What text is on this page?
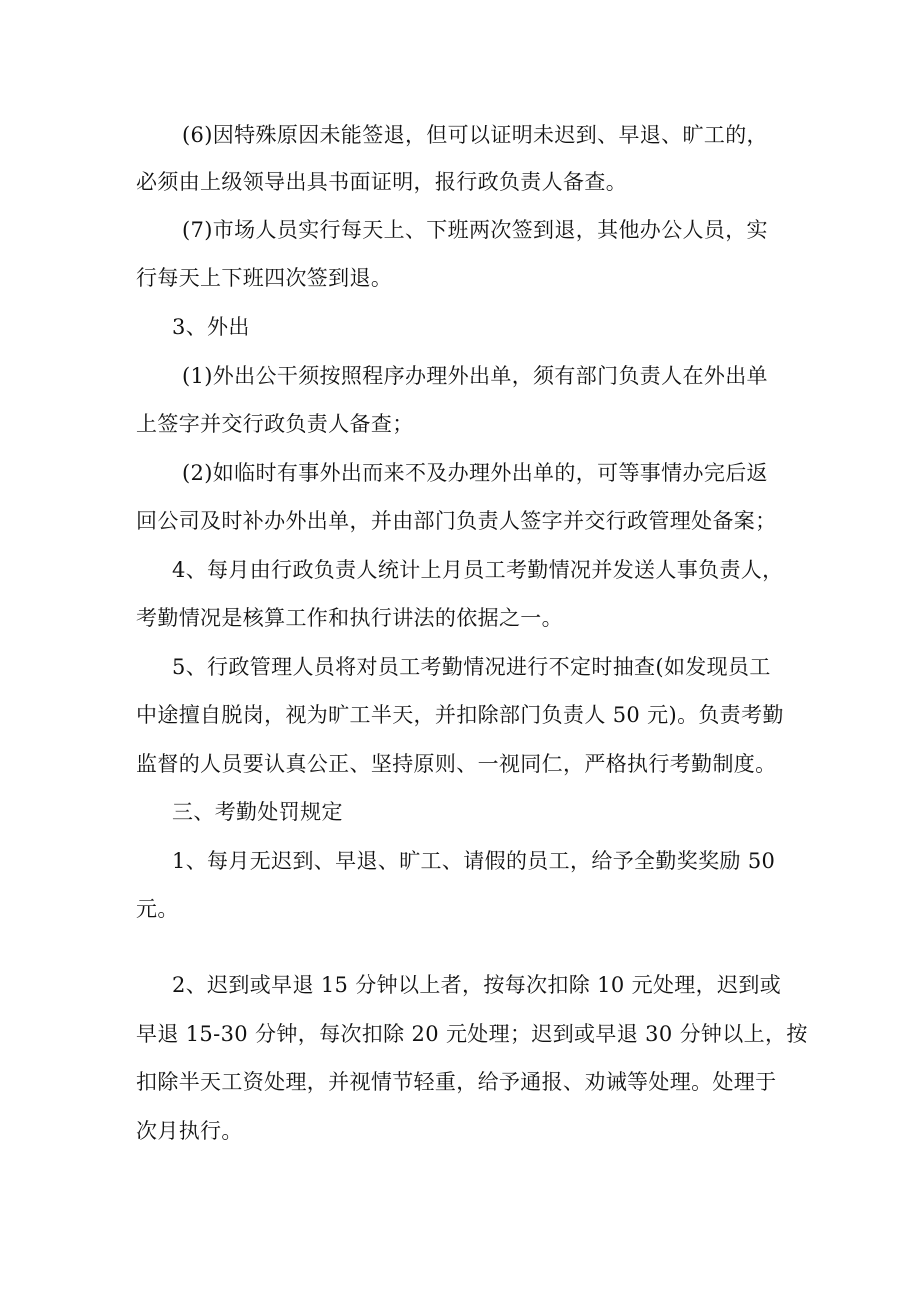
(6)因特殊原因未能签退，但可以证明未迟到、早退、旷工的，
必须由上级领导出具书面证明，报行政负责人备查。
(7)市场人员实行每天上、下班两次签到退，其他办公人员，实
行每天上下班四次签到退。
3、外出
(1)外出公干须按照程序办理外出单，须有部门负责人在外出单
上签字并交行政负责人备查；
(2)如临时有事外出而来不及办理外出单的，可等事情办完后返
回公司及时补办外出单，并由部门负责人签字并交行政管理处备案；
4、每月由行政负责人统计上月员工考勤情况并发送人事负责人，
考勤情况是核算工作和执行讲法的依据之一。
5、行政管理人员将对员工考勤情况进行不定时抽查(如发现员工
中途擅自脱岗，视为旷工半天，并扣除部门负责人 50 元)。负责考勤
监督的人员要认真公正、坚持原则、一视同仁，严格执行考勤制度。
三、考勤处罚规定
1、每月无迟到、早退、旷工、请假的员工，给予全勤奖奖励 50
元。
2、迟到或早退 15 分钟以上者，按每次扣除 10 元处理，迟到或
早退 15-30 分钟，每次扣除 20 元处理；迟到或早退 30 分钟以上，按
扣除半天工资处理，并视情节轻重，给予通报、劝诫等处理。处理于
次月执行。
